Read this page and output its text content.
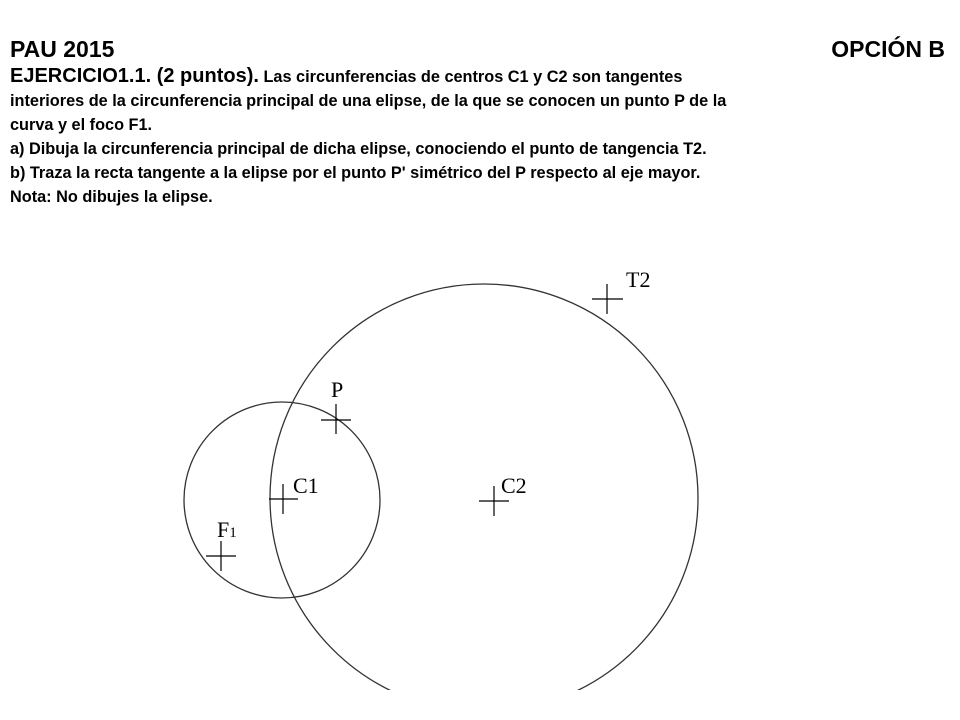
PAU 2015	OPCIÓN B
EJERCICIO1.1. (2 puntos). Las circunferencias de centros C1 y C2 son tangentes
interiores de la circunferencia principal de una elipse, de la que se conocen un punto P de la
curva y el foco F1.
a) Dibuja la circunferencia principal de dicha elipse, conociendo el punto de tangencia T2.
b) Traza la recta tangente a la elipse por el punto P' simétrico del P respecto al eje mayor.
Nota: No dibujes la elipse.
T2
P
C1	C2
F1
